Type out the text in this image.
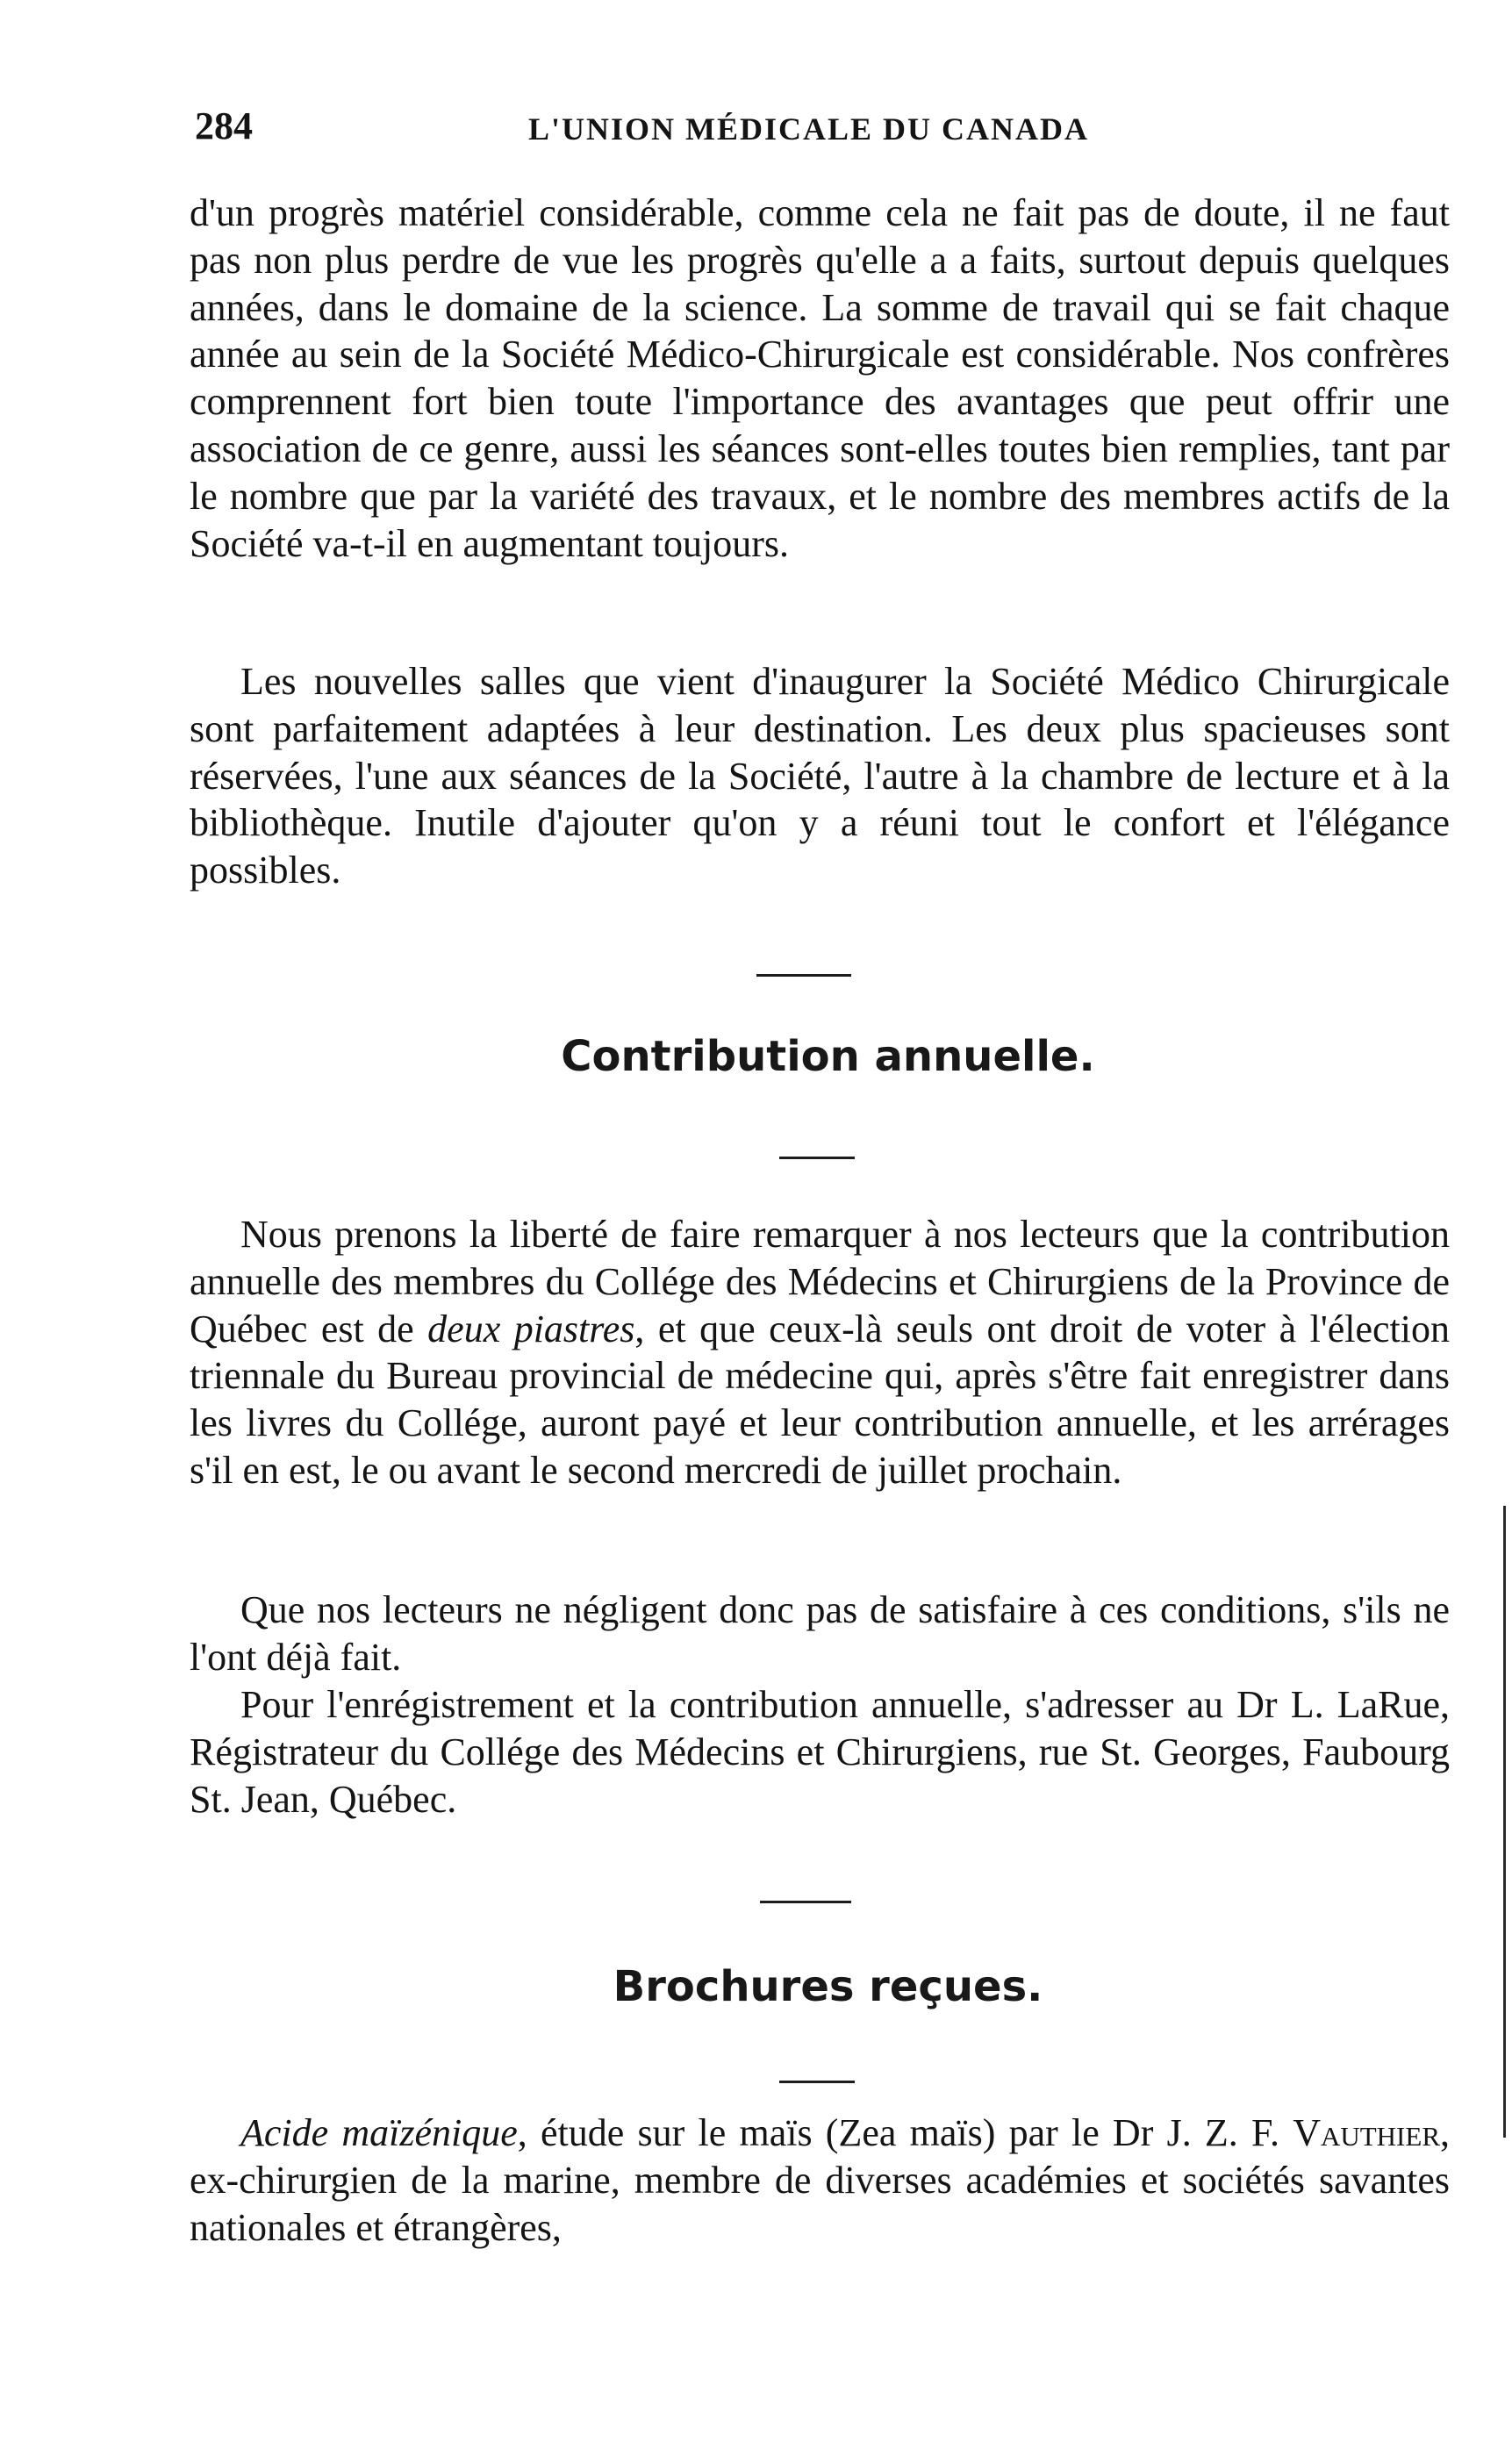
284	L'UNION MÉDICALE DU CANADA

d'un progrès matériel considérable, comme cela ne fait pas de doute, il ne faut pas non plus perdre de vue les progrès qu'elle a a faits, surtout depuis quelques années, dans le domaine de la science. La somme de travail qui se fait chaque année au sein de la Société Médico-Chirurgicale est considérable. Nos confrères comprennent fort bien toute l'importance des avantages que peut offrir une association de ce genre, aussi les séances sont-elles toutes bien remplies, tant par le nombre que par la variété des travaux, et le nombre des membres actifs de la Société va-t-il en augmentant toujours.

Les nouvelles salles que vient d'inaugurer la Société Médico Chirurgicale sont parfaitement adaptées à leur destination. Les deux plus spacieuses sont réservées, l'une aux séances de la Société, l'autre à la chambre de lecture et à la bibliothèque. Inutile d'ajouter qu'on y a réuni tout le confort et l'élégance possibles.

Contribution annuelle.

Nous prenons la liberté de faire remarquer à nos lecteurs que la contribution annuelle des membres du Collége des Médecins et Chirurgiens de la Province de Québec est de deux piastres, et que ceux-là seuls ont droit de voter à l'élection triennale du Bureau provincial de médecine qui, après s'être fait enregistrer dans les livres du Collége, auront payé et leur contribution annuelle, et les arrérages s'il en est, le ou avant le second mercredi de juillet prochain.

Que nos lecteurs ne négligent donc pas de satisfaire à ces conditions, s'ils ne l'ont déjà fait.

Pour l'enrégistrement et la contribution annuelle, s'adresser au Dr L. LaRue, Régistrateur du Collége des Médecins et Chirurgiens, rue St. Georges, Faubourg St. Jean, Québec.

Brochures reçues.

Acide maïzénique, étude sur le maïs (Zea maïs) par le Dr J. Z. F. Vauthier, ex-chirurgien de la marine, membre de diverses académies et sociétés savantes nationales et étrangères,
